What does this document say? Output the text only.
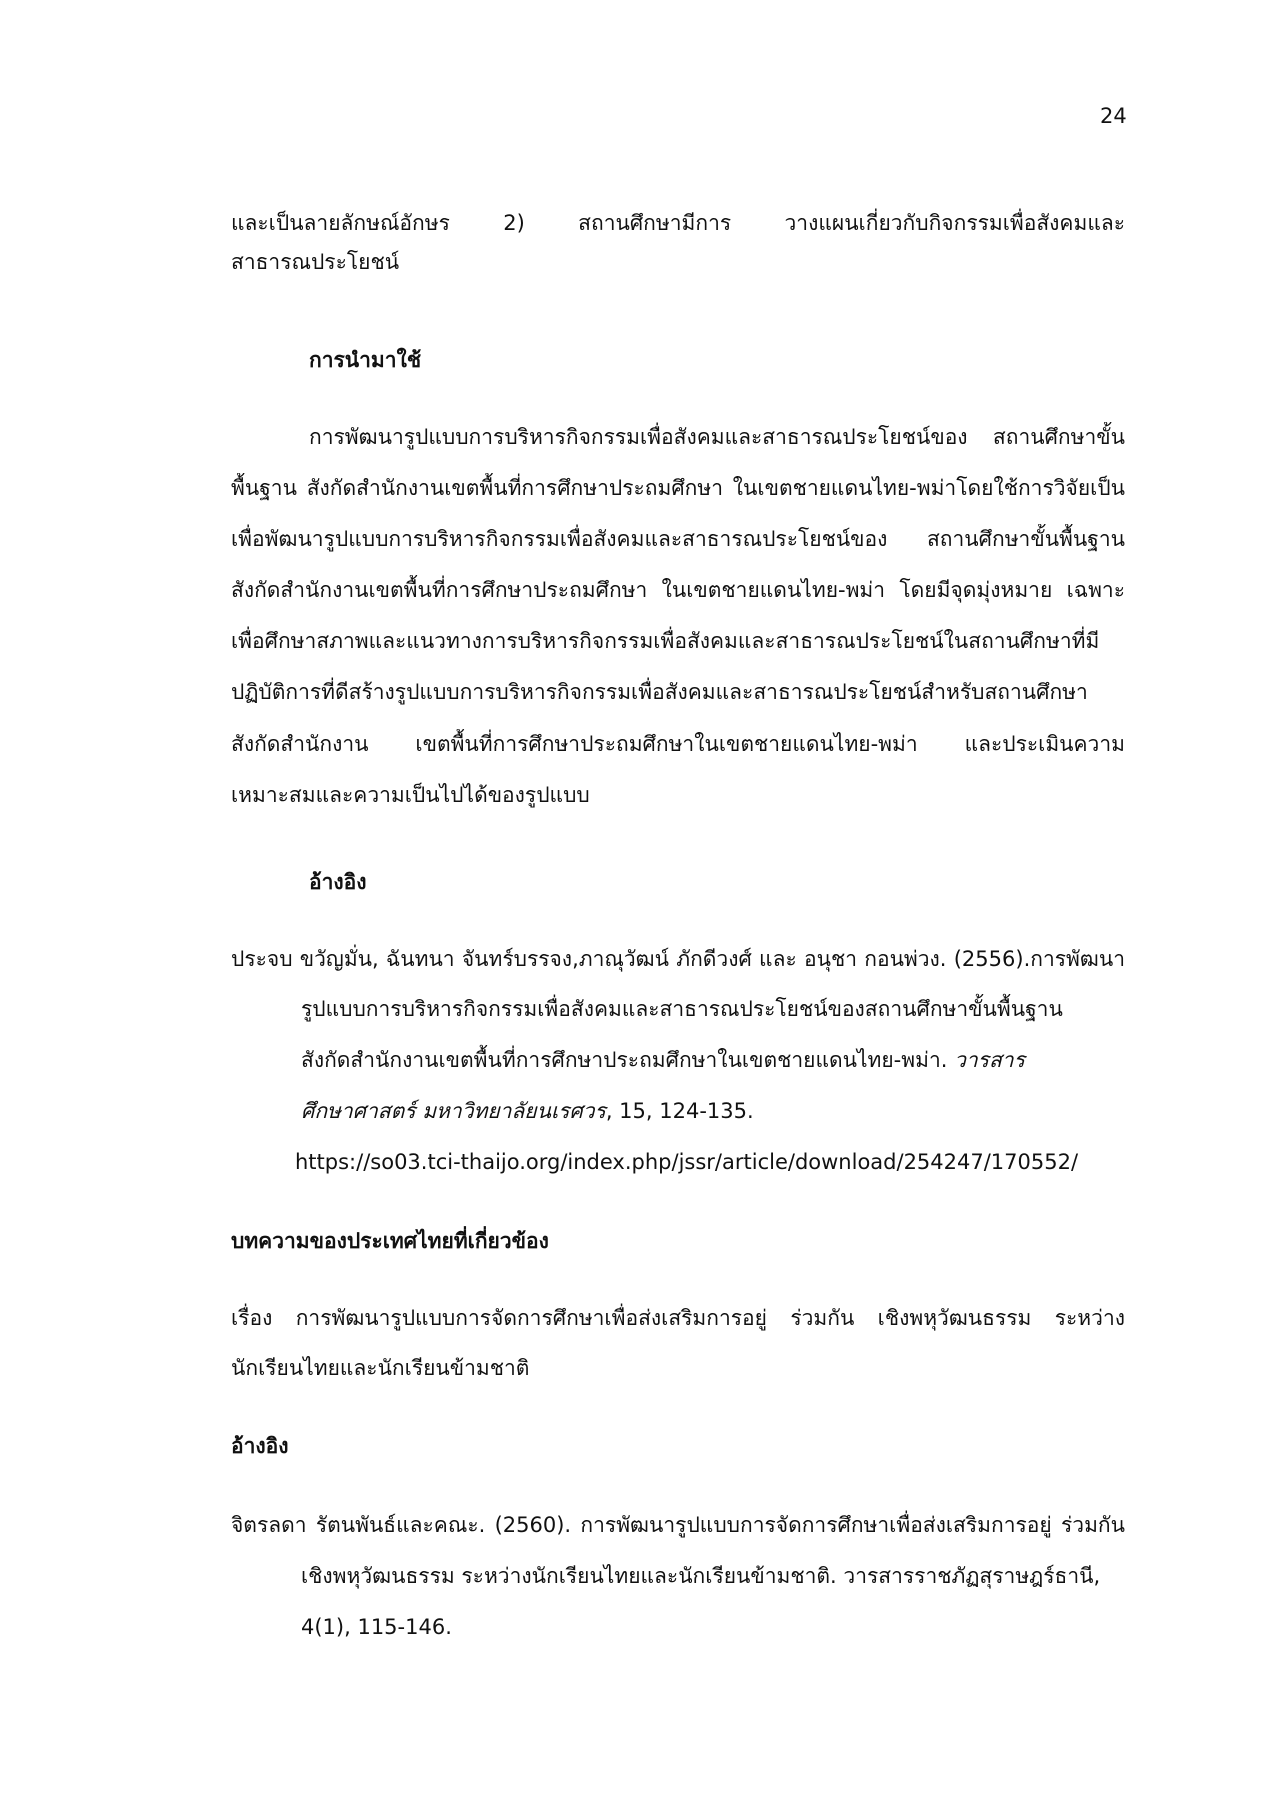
24
และเป็นลายลักษณ์อักษร 2) สถานศึกษามีการ วางแผนเกี่ยวกับกิจกรรมเพื่อสังคมและ
สาธารณประโยชน์
การนำมาใช้
การพัฒนารูปแบบการบริหารกิจกรรมเพื่อสังคมและสาธารณประโยชน์ของ สถานศึกษาขั้น
พื้นฐาน สังกัดสำนักงานเขตพื้นที่การศึกษาประถมศึกษา ในเขตชายแดนไทย-พม่าโดยใช้การวิจัยเป็น
เพื่อพัฒนารูปแบบการบริหารกิจกรรมเพื่อสังคมและสาธารณประโยชน์ของ สถานศึกษาขั้นพื้นฐาน
สังกัดสำนักงานเขตพื้นที่การศึกษาประถมศึกษา ในเขตชายแดนไทย-พม่า โดยมีจุดมุ่งหมาย เฉพาะ
เพื่อศึกษาสภาพและแนวทางการบริหารกิจกรรมเพื่อสังคมและสาธารณประโยชน์ในสถานศึกษาที่มี
ปฏิบัติการที่ดีสร้างรูปแบบการบริหารกิจกรรมเพื่อสังคมและสาธารณประโยชน์สำหรับสถานศึกษา
สังกัดสำนักงาน เขตพื้นที่การศึกษาประถมศึกษาในเขตชายแดนไทย-พม่า และประเมินความ
เหมาะสมและความเป็นไปได้ของรูปแบบ
อ้างอิง
ประจบ ขวัญมั่น, ฉันทนา จันทร์บรรจง,ภาณุวัฒน์ ภักดีวงศ์ และ อนุชา กอนพ่วง. (2556).การพัฒนา
รูปแบบการบริหารกิจกรรมเพื่อสังคมและสาธารณประโยชน์ของสถานศึกษาขั้นพื้นฐาน
สังกัดสำนักงานเขตพื้นที่การศึกษาประถมศึกษาในเขตชายแดนไทย-พม่า. วารสาร
ศึกษาศาสตร์ มหาวิทยาลัยนเรศวร, 15, 124-135.
https://so03.tci-thaijo.org/index.php/jssr/article/download/254247/170552/
บทความของประเทศไทยที่เกี่ยวข้อง
เรื่อง การพัฒนารูปแบบการจัดการศึกษาเพื่อส่งเสริมการอยู่ ร่วมกัน เชิงพหุวัฒนธรรม ระหว่าง
นักเรียนไทยและนักเรียนข้ามชาติ
อ้างอิง
จิตรลดา รัตนพันธ์และคณะ. (2560). การพัฒนารูปแบบการจัดการศึกษาเพื่อส่งเสริมการอยู่ ร่วมกัน
เชิงพหุวัฒนธรรม ระหว่างนักเรียนไทยและนักเรียนข้ามชาติ. วารสารราชภัฏสุราษฎร์ธานี,
4(1), 115-146.
